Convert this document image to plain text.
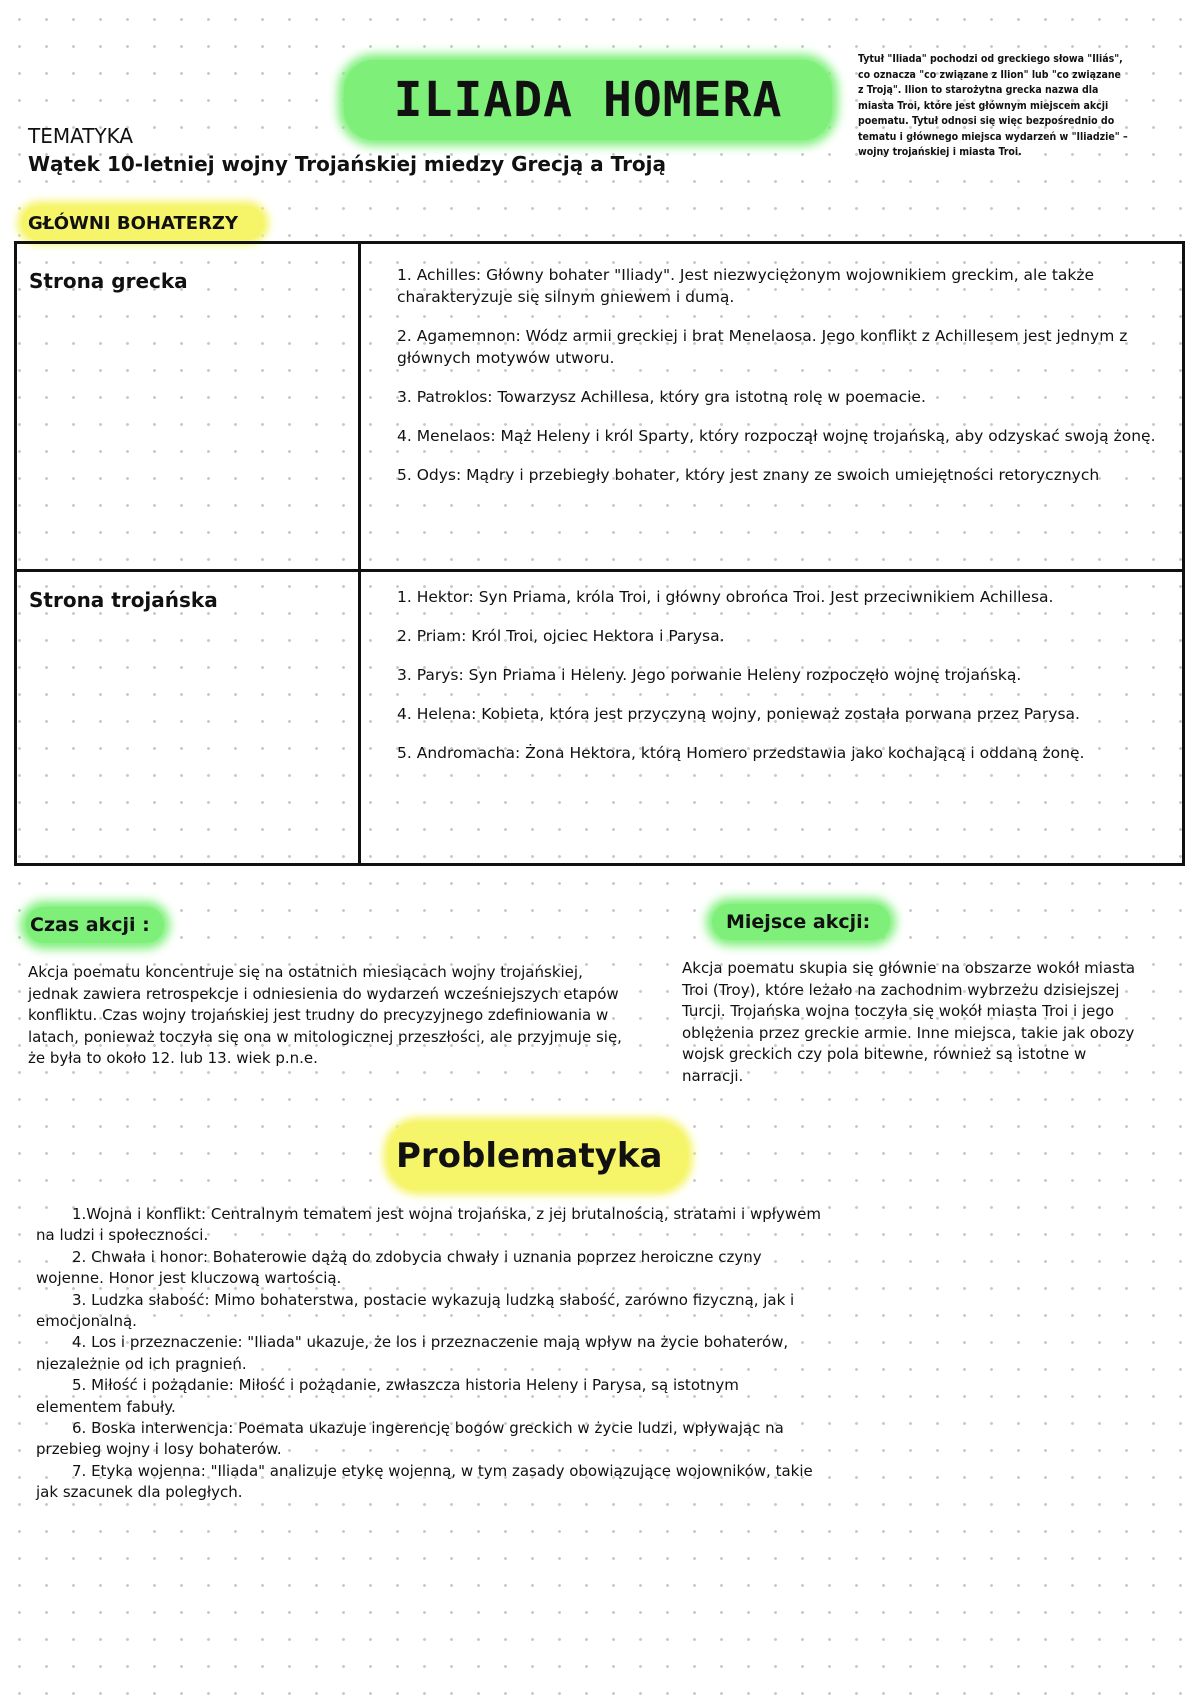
ILIADA HOMERA
Tytuł "Iliada" pochodzi od greckiego słowa "Iliás", co oznacza "co związane z Ilion" lub "co związane z Troją". Ilion to starożytna grecka nazwa dla miasta Troi, które jest głównym miejscem akcji poematu. Tytuł odnosi się więc bezpośrednio do tematu i głównego miejsca wydarzeń w "Iliadzie" – wojny trojańskiej i miasta Troi.
TEMATYKA
Wątek 10-letniej wojny Trojańskiej miedzy Grecją a Troją
GŁÓWNI BOHATERZY
Strona grecka	1. Achilles: Główny bohater "Iliady". Jest niezwyciężonym wojownikiem greckim, ale także charakteryzuje się silnym gniewem i dumą.
2. Agamemnon: Wódz armii greckiej i brat Menelaosa. Jego konflikt z Achillesem jest jednym z głównych motywów utworu.
3. Patroklos: Towarzysz Achillesa, który gra istotną rolę w poemacie.
4. Menelaos: Mąż Heleny i król Sparty, który rozpoczął wojnę trojańską, aby odzyskać swoją żonę.
5. Odys: Mądry i przebiegły bohater, który jest znany ze swoich umiejętności retorycznych
Strona trojańska	1. Hektor: Syn Priama, króla Troi, i główny obrońca Troi. Jest przeciwnikiem Achillesa.
2. Priam: Król Troi, ojciec Hektora i Parysa.
3. Parys: Syn Priama i Heleny. Jego porwanie Heleny rozpoczęło wojnę trojańską.
4. Helena: Kobieta, która jest przyczyną wojny, ponieważ została porwana przez Parysa.
5. Andromacha: Żona Hektora, którą Homero przedstawia jako kochającą i oddaną żonę.
Czas akcji :
Akcja poematu koncentruje się na ostatnich miesiącach wojny trojańskiej, jednak zawiera retrospekcje i odniesienia do wydarzeń wcześniejszych etapów konfliktu. Czas wojny trojańskiej jest trudny do precyzyjnego zdefiniowania w latach, ponieważ toczyła się ona w mitologicznej przeszłości, ale przyjmuje się, że była to około 12. lub 13. wiek p.n.e.
Miejsce akcji:
Akcja poematu skupia się głównie na obszarze wokół miasta Troi (Troy), które leżało na zachodnim wybrzeżu dzisiejszej Turcji. Trojańska wojna toczyła się wokół miasta Troi i jego oblężenia przez greckie armie. Inne miejsca, takie jak obozy wojsk greckich czy pola bitewne, również są istotne w narracji.
Problematyka
1.Wojna i konflikt: Centralnym tematem jest wojna trojańska, z jej brutalnością, stratami i wpływem na ludzi i społeczności.
2. Chwała i honor: Bohaterowie dążą do zdobycia chwały i uznania poprzez heroiczne czyny wojenne. Honor jest kluczową wartością.
3. Ludzka słabość: Mimo bohaterstwa, postacie wykazują ludzką słabość, zarówno fizyczną, jak i emocjonalną.
4. Los i przeznaczenie: "Iliada" ukazuje, że los i przeznaczenie mają wpływ na życie bohaterów, niezależnie od ich pragnień.
5. Miłość i pożądanie: Miłość i pożądanie, zwłaszcza historia Heleny i Parysa, są istotnym elementem fabuły.
6. Boska interwencja: Poemata ukazuje ingerencję bogów greckich w życie ludzi, wpływając na przebieg wojny i losy bohaterów.
7. Etyka wojenna: "Iliada" analizuje etykę wojenną, w tym zasady obowiązujące wojowników, takie jak szacunek dla poległych.
